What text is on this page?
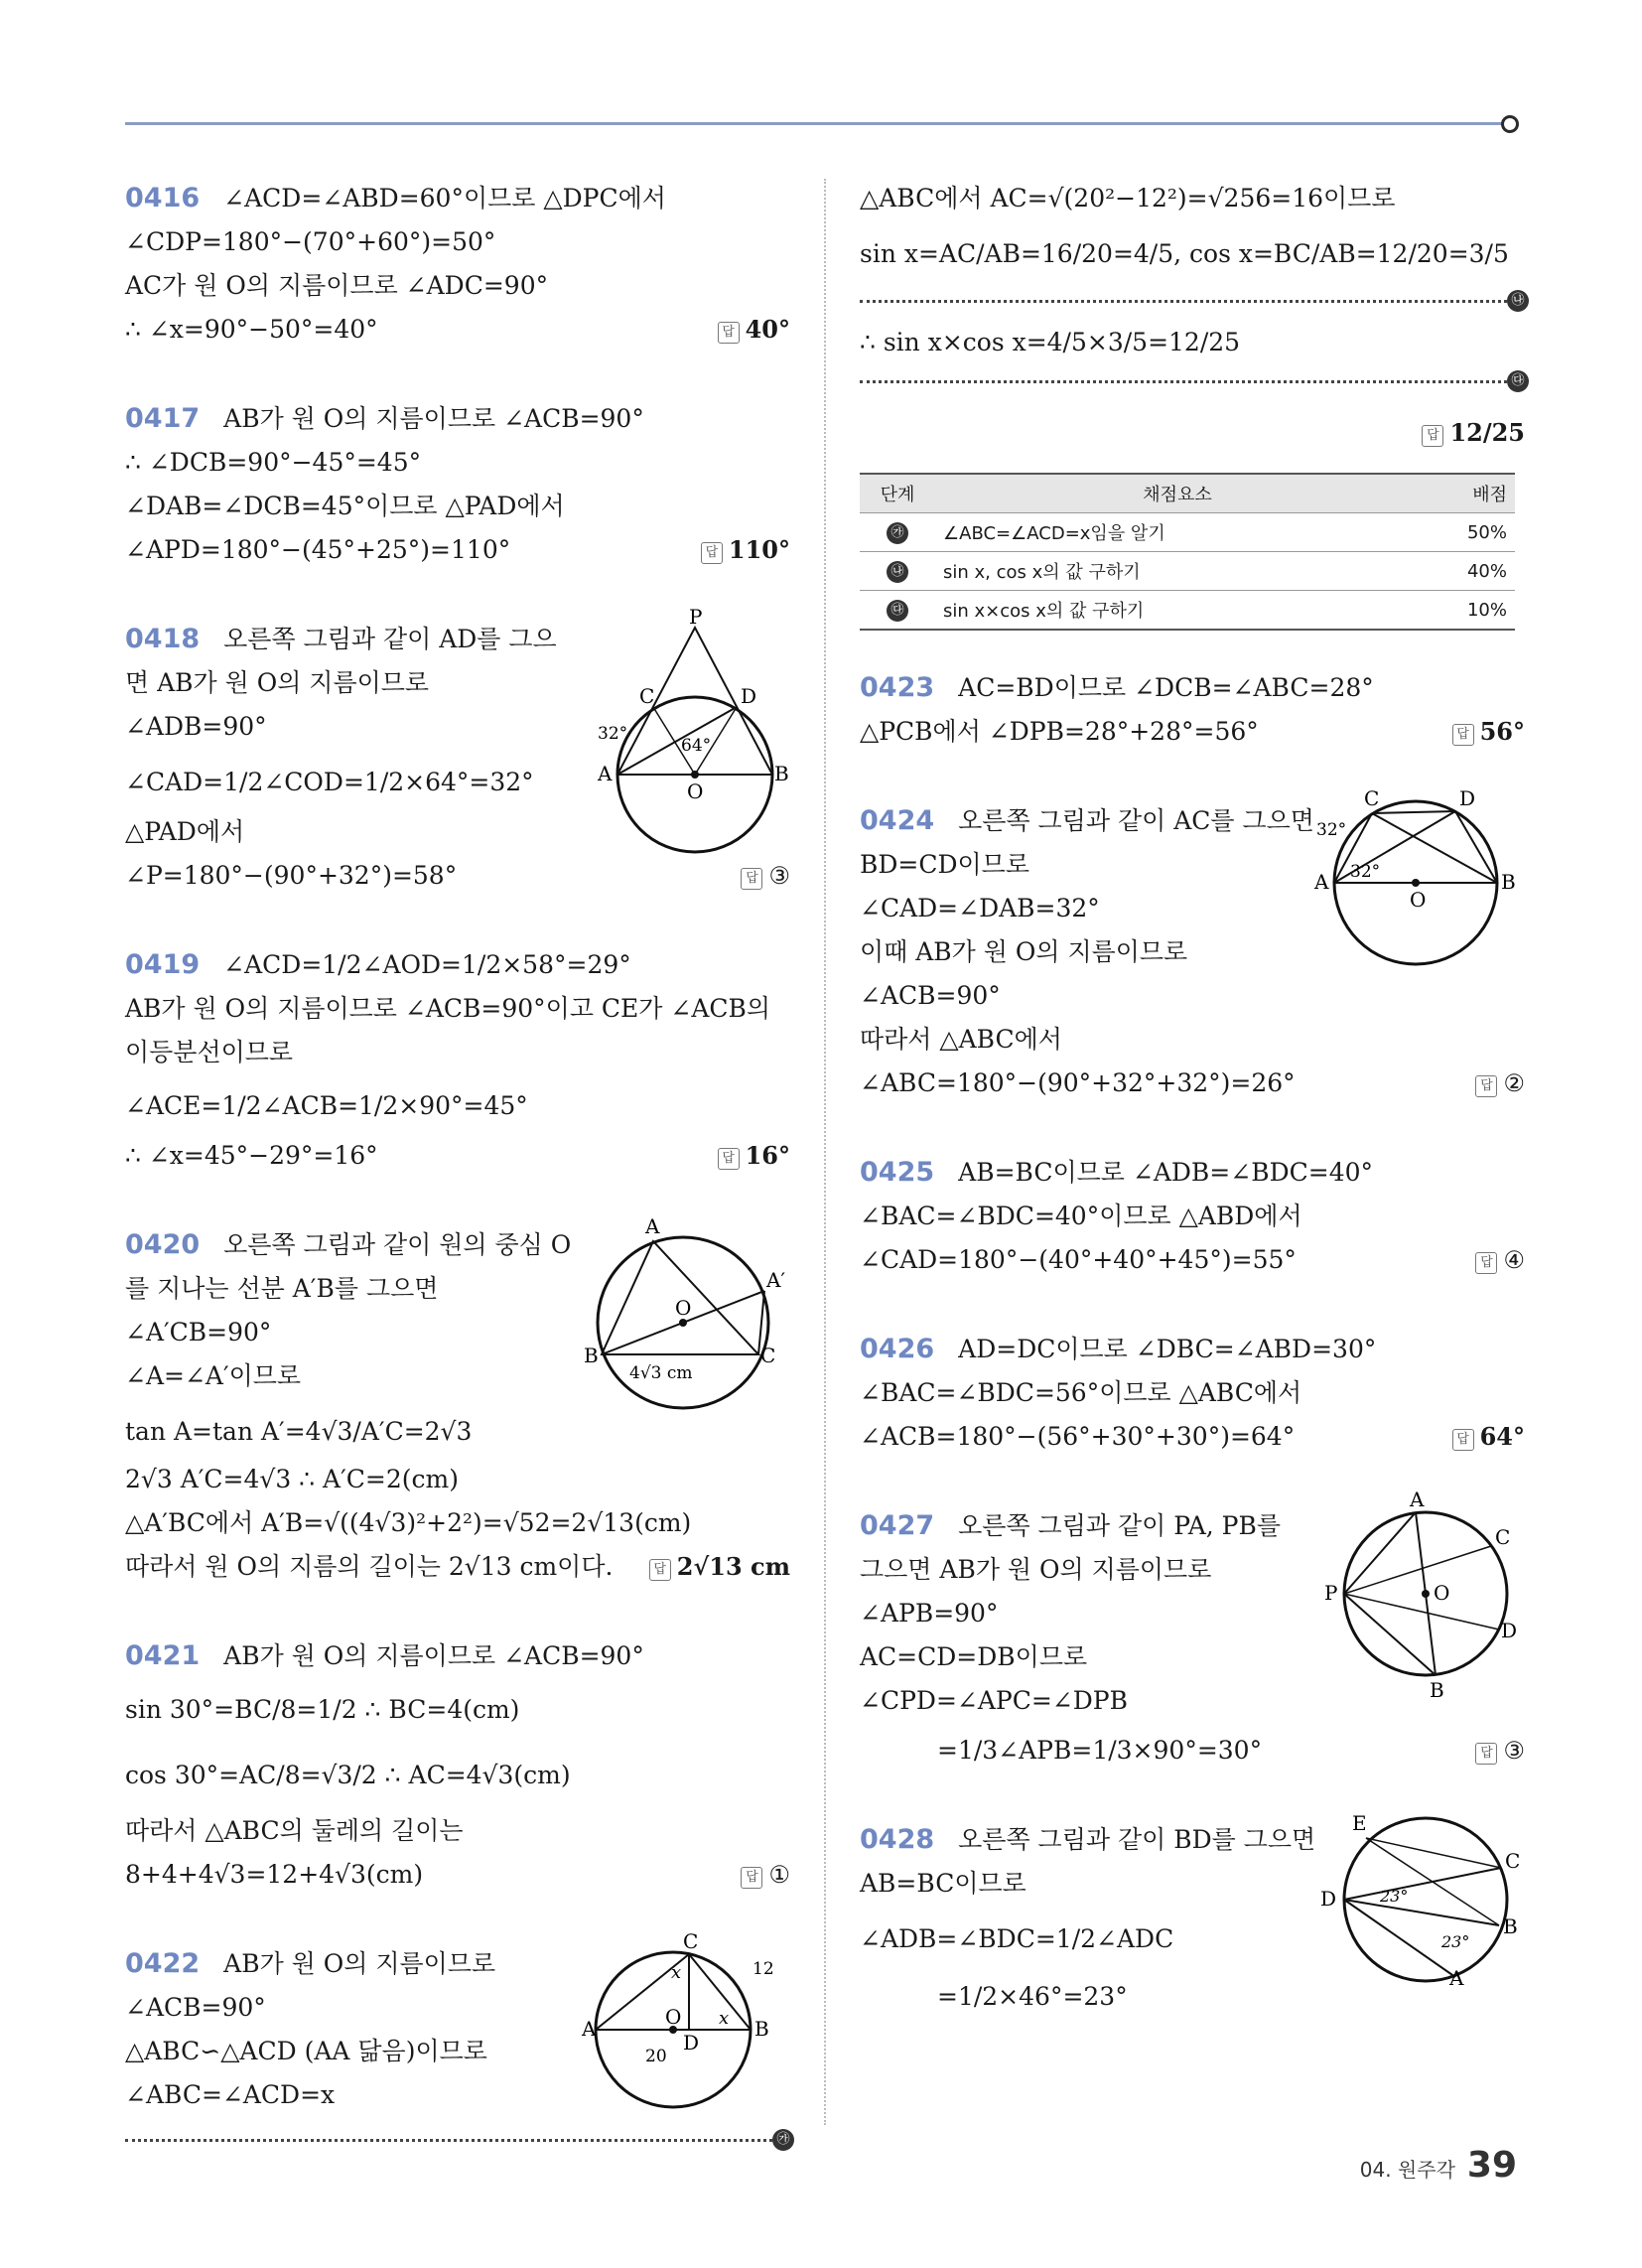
0416 ∠ACD=∠ABD=60°이므로 △DPC에서
∠CDP=180°−(70°+60°)=50°
AC가 원 O의 지름이므로 ∠ADC=90°
∴ ∠x=90°−50°=40°	답 40°
0417 AB가 원 O의 지름이므로 ∠ACB=90°
∴ ∠DCB=90°−45°=45°
∠DAB=∠DCB=45°이므로 △PAD에서
∠APD=180°−(45°+25°)=110°	답 110°
0418 오른쪽 그림과 같이 AD를 그으
면 AB가 원 O의 지름이므로
∠ADB=90°
∠CAD=1/2∠COD=1/2×64°=32°
△PAD에서
∠P=180°−(90°+32°)=58°	답 ③
P
C	D
A	B
O
32°
64°
0419 ∠ACD=1/2∠AOD=1/2×58°=29°
AB가 원 O의 지름이므로 ∠ACB=90°이고 CE가 ∠ACB의
이등분선이므로
∠ACE=1/2∠ACB=1/2×90°=45°
∴ ∠x=45°−29°=16°	답 16°
0420 오른쪽 그림과 같이 원의 중심 O
를 지나는 선분 A′B를 그으면
∠A′CB=90°
∠A=∠A′이므로
tan A=tan A′=4√3/A′C=2√3
2√3 A′C=4√3 ∴ A′C=2(cm)
△A′BC에서 A′B=√((4√3)²+2²)=√52=2√13(cm)
따라서 원 O의 지름의 길이는 2√13 cm이다.	답 2√13 cm
A
A′
B	C
O
4√3 cm
0421 AB가 원 O의 지름이므로 ∠ACB=90°
sin 30°=BC/8=1/2 ∴ BC=4(cm)
cos 30°=AC/8=√3/2 ∴ AC=4√3(cm)
따라서 △ABC의 둘레의 길이는
8+4+4√3=12+4√3(cm)	답 ①
0422 AB가 원 O의 지름이므로
∠ACB=90°
△ABC∽△ACD (AA 닮음)이므로
∠ABC=∠ACD=x
㉮
C
A	B
O
D
x
x
12
20
△ABC에서 AC=√(20²−12²)=√256=16이므로
sin x=AC/AB=16/20=4/5, cos x=BC/AB=12/20=3/5
㉯
∴ sin x×cos x=4/5×3/5=12/25
㉰
답 12/25
단계	채점요소	배점
㉮	∠ABC=∠ACD=x임을 알기	50%
㉯	sin x, cos x의 값 구하기	40%
㉰	sin x×cos x의 값 구하기	10%
0423 AC=BD이므로 ∠DCB=∠ABC=28°
△PCB에서 ∠DPB=28°+28°=56°	답 56°
0424 오른쪽 그림과 같이 AC를 그으면
BD=CD이므로
∠CAD=∠DAB=32°
이때 AB가 원 O의 지름이므로
∠ACB=90°
따라서 △ABC에서
∠ABC=180°−(90°+32°+32°)=26°	답 ②
C	D
A	B
O
32°
32°
0425 AB=BC이므로 ∠ADB=∠BDC=40°
∠BAC=∠BDC=40°이므로 △ABD에서
∠CAD=180°−(40°+40°+45°)=55°	답 ④
0426 AD=DC이므로 ∠DBC=∠ABD=30°
∠BAC=∠BDC=56°이므로 △ABC에서
∠ACB=180°−(56°+30°+30°)=64°	답 64°
0427 오른쪽 그림과 같이 PA, PB를
그으면 AB가 원 O의 지름이므로
∠APB=90°
AC=CD=DB이므로
∠CPD=∠APC=∠DPB
=1/3∠APB=1/3×90°=30°	답 ③
A
C
P	O
D
B
0428 오른쪽 그림과 같이 BD를 그으면
AB=BC이므로
∠ADB=∠BDC=1/2∠ADC
=1/2×46°=23°
E
C
D
B
A
23°
23°
04. 원주각 39
